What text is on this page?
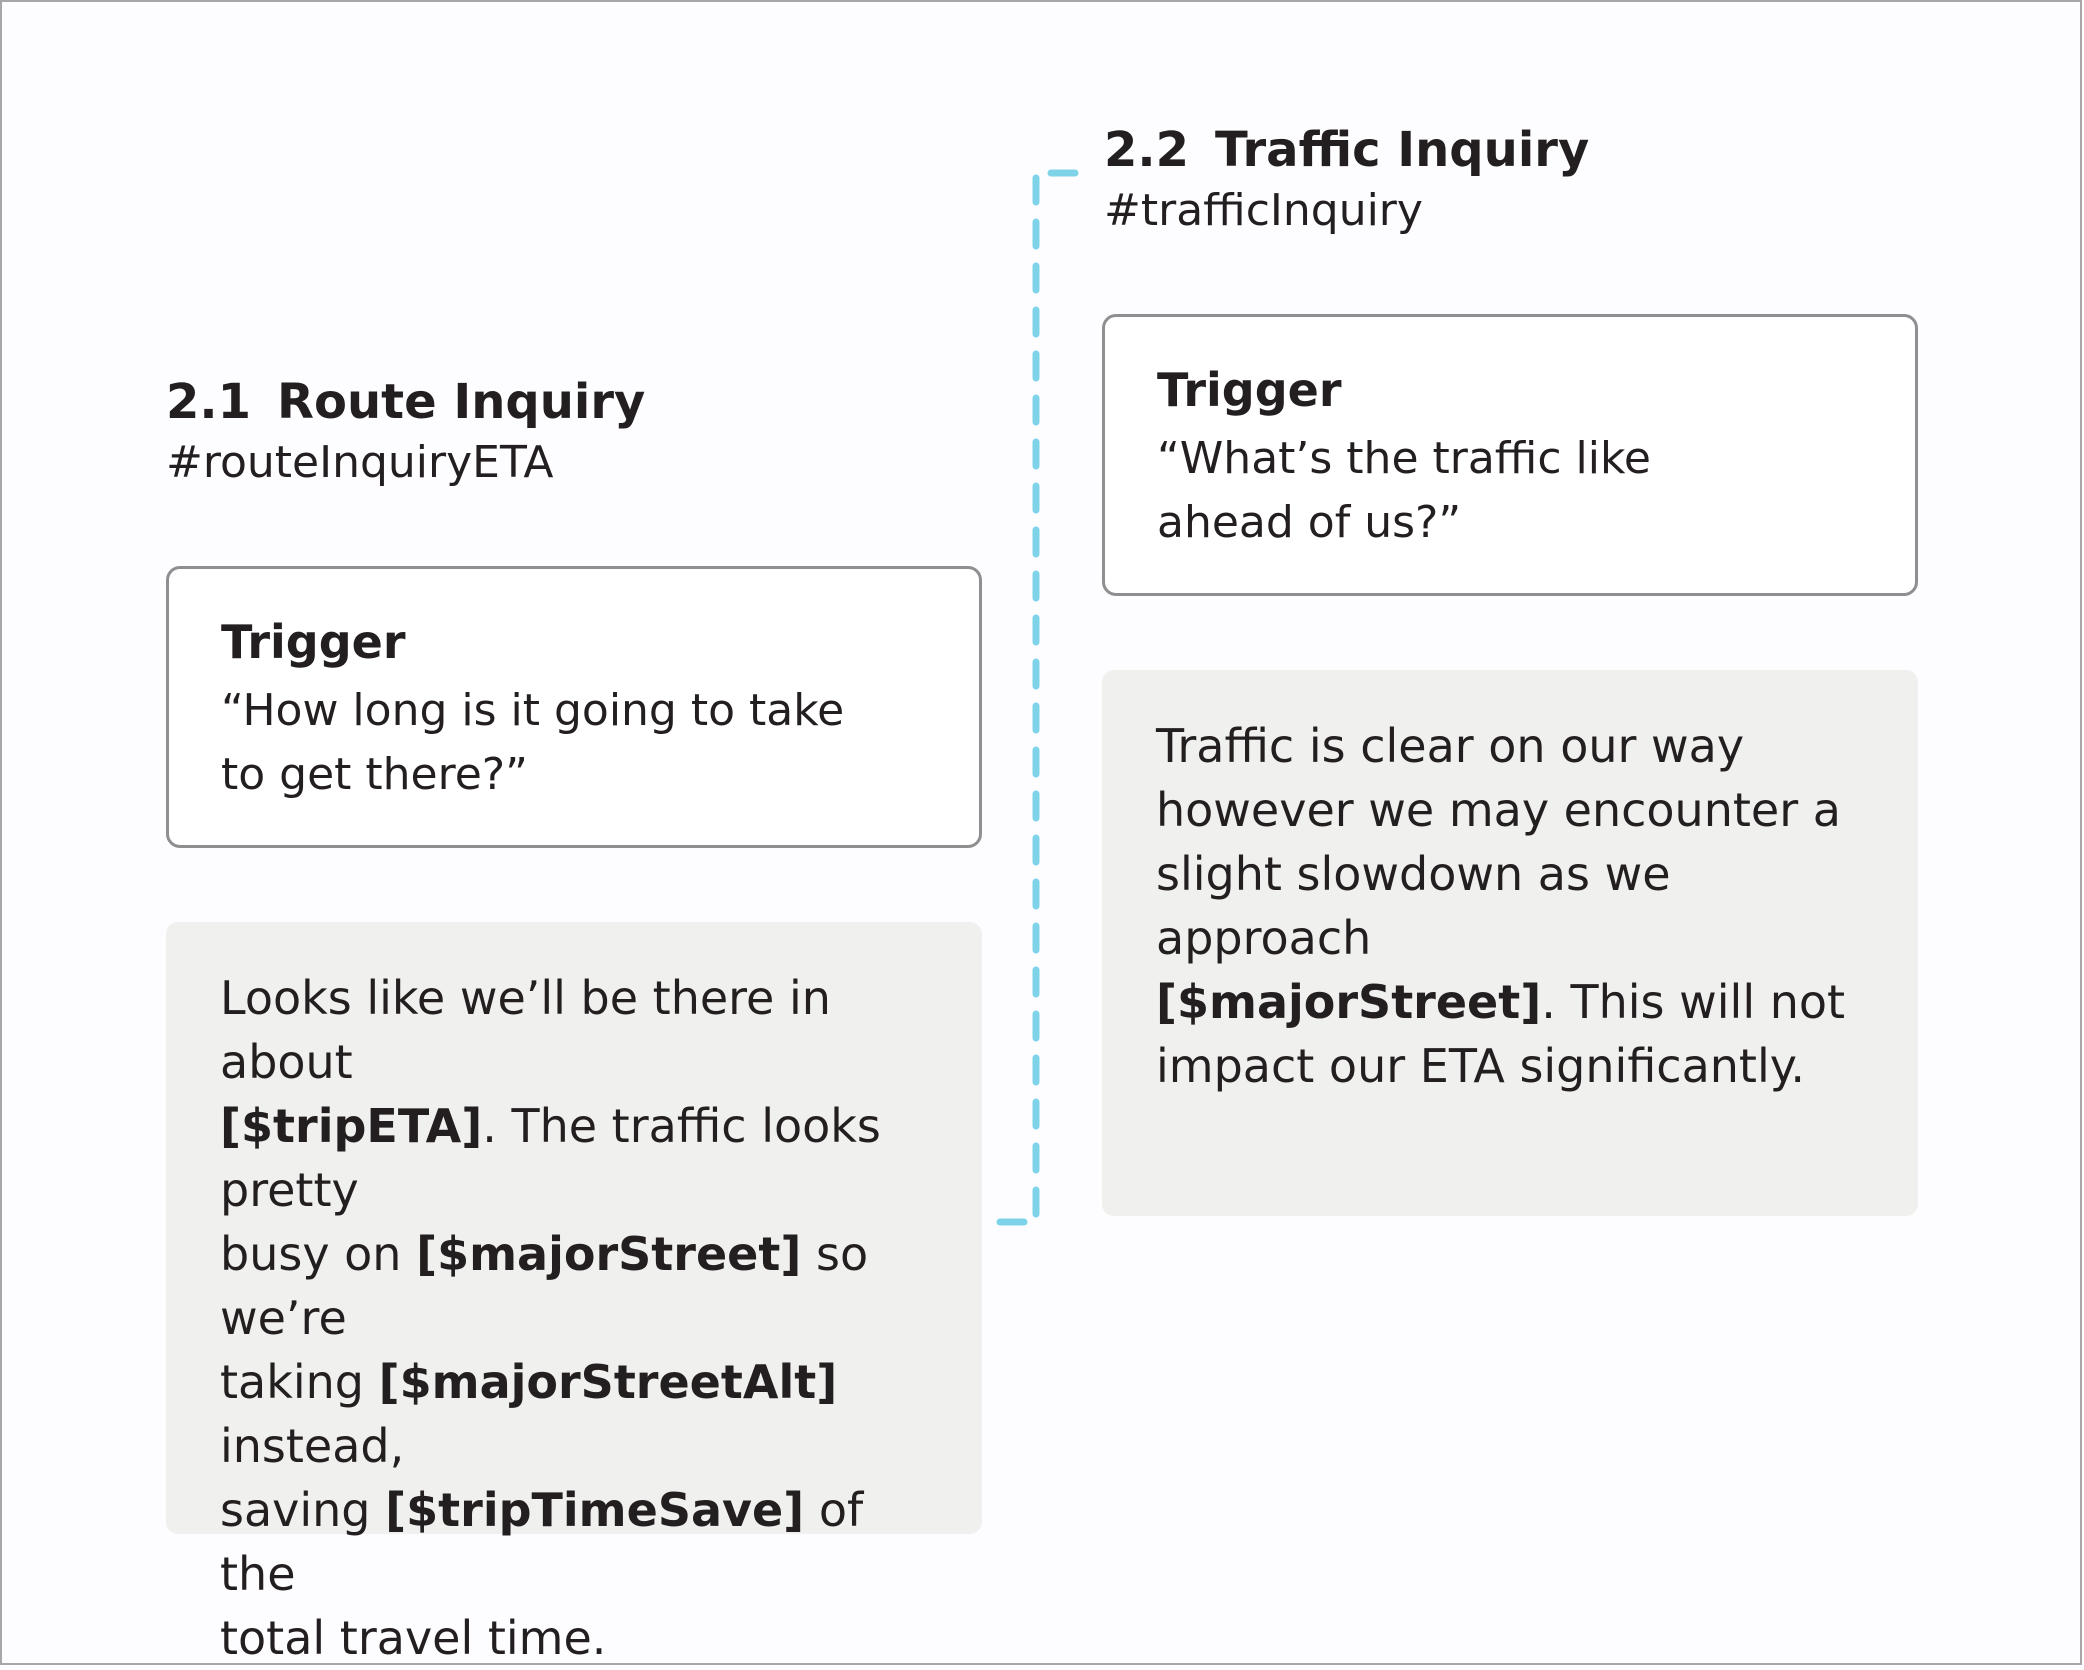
2.1 Route Inquiry
#routeInquiryETA

Trigger

“How long is it going to take
to get there?”

Looks like we’ll be there in about
[$tripETA]. The traffic looks pretty
busy on [$majorStreet] so we’re
taking [$majorStreetAlt] instead,
saving [$tripTimeSave] of the
total travel time.

2.2 Traffic Inquiry
#trafficInquiry

Trigger

“What’s the traffic like
ahead of us?”

Traffic is clear on our way
however we may encounter a
slight slowdown as we approach
[$majorStreet]. This will not
impact our ETA significantly.
